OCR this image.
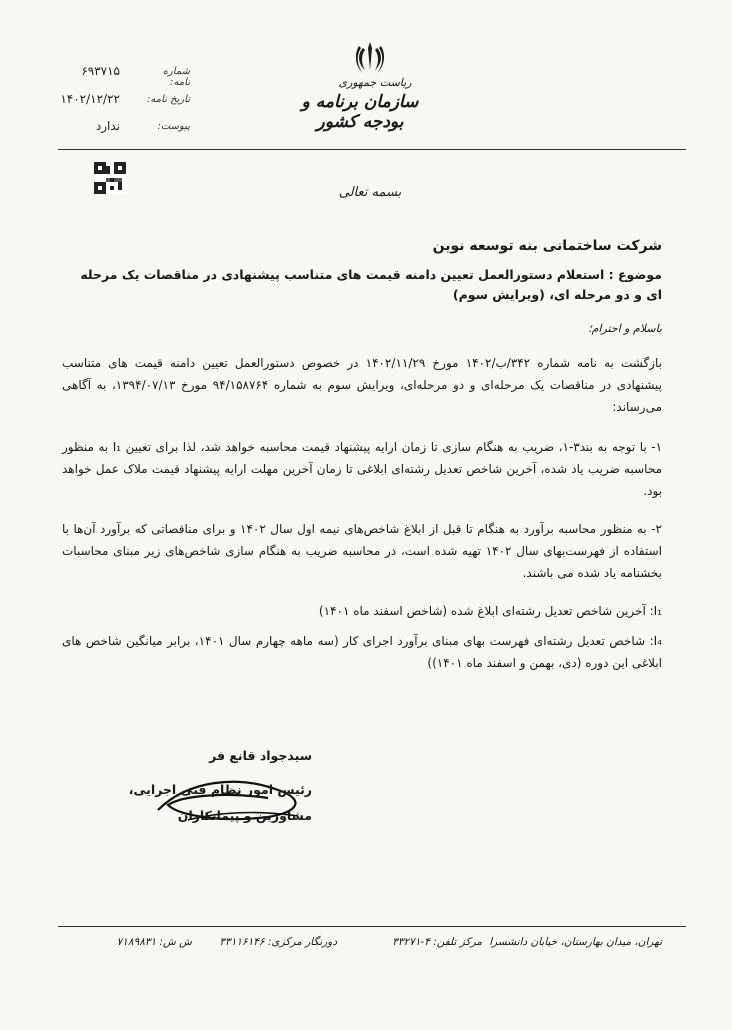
ریاست جمهوری
سازمان برنامه و بودجه کشور
شماره نامه:
۶۹۳۷۱۵
تاریخ نامه:
۱۴۰۲/۱۲/۲۲
پیوست:
ندارد
بسمه تعالی
شرکت ساختمانی بنه توسعه نوین
موضوع : استعلام دستورالعمل تعیین دامنه قیمت های متناسب پیشنهادی در مناقصات یک مرحله ای و دو مرحله ای، (ویرایش سوم)
باسلام و احترام؛
بازگشت به نامه شماره ۳۴۲/ب/۱۴۰۲ مورخ ۱۴۰۲/۱۱/۲۹ در خصوص دستورالعمل تعیین دامنه قیمت های متناسب پیشنهادی در مناقصات یک مرحله‌ای و دو مرحله‌ای، ویرایش سوم به شماره ۹۴/۱۵۸۷۶۴ مورخ ۱۳۹۴/۰۷/۱۳، به آگاهی می‌رساند:
۱- با توجه به بند۳-۱، ضریب به هنگام سازی تا زمان ارایه پیشنهاد قیمت محاسبه خواهد شد، لذا برای تعیین I₁ به منظور محاسبه ضریب یاد شده، آخرین شاخص تعدیل رشته‌ای ابلاغی تا زمان آخرین مهلت ارایه پیشنهاد قیمت ملاک عمل خواهد بود.
۲- به منظور محاسبه برآورد به هنگام تا قبل از ابلاغ شاخص‌های نیمه اول سال ۱۴۰۲ و برای مناقصاتی که برآورد آن‌ها با استفاده از فهرست‌بهای سال ۱۴۰۲ تهیه شده است، در محاسبه ضریب به هنگام سازی شاخص‌های زیر مبنای محاسبات بخشنامه یاد شده می باشند.
I₁: آخرین شاخص تعدیل رشته‌ای ابلاغ شده (شاخص اسفند ماه ۱۴۰۱)
I₄: شاخص تعدیل رشته‌ای فهرست بهای مبنای برآورد اجرای کار (سه ماهه چهارم سال ۱۴۰۱، برابر میانگین شاخص های ابلاغی این دوره (دی، بهمن و اسفند ماه ۱۴۰۱))
سیدجواد قانع فر
رئیس امور نظام فنی اجرایی،
مشاورین و پیمانکاران
تهران، میدان بهارستان، خیابان دانشسرا
مرکز تلفن: ۴-۳۳۲۷۱
دورنگار مرکزی: ۳۳۱۱۶۱۴۶
ش ش: ۷۱۸۹۸۳۱
